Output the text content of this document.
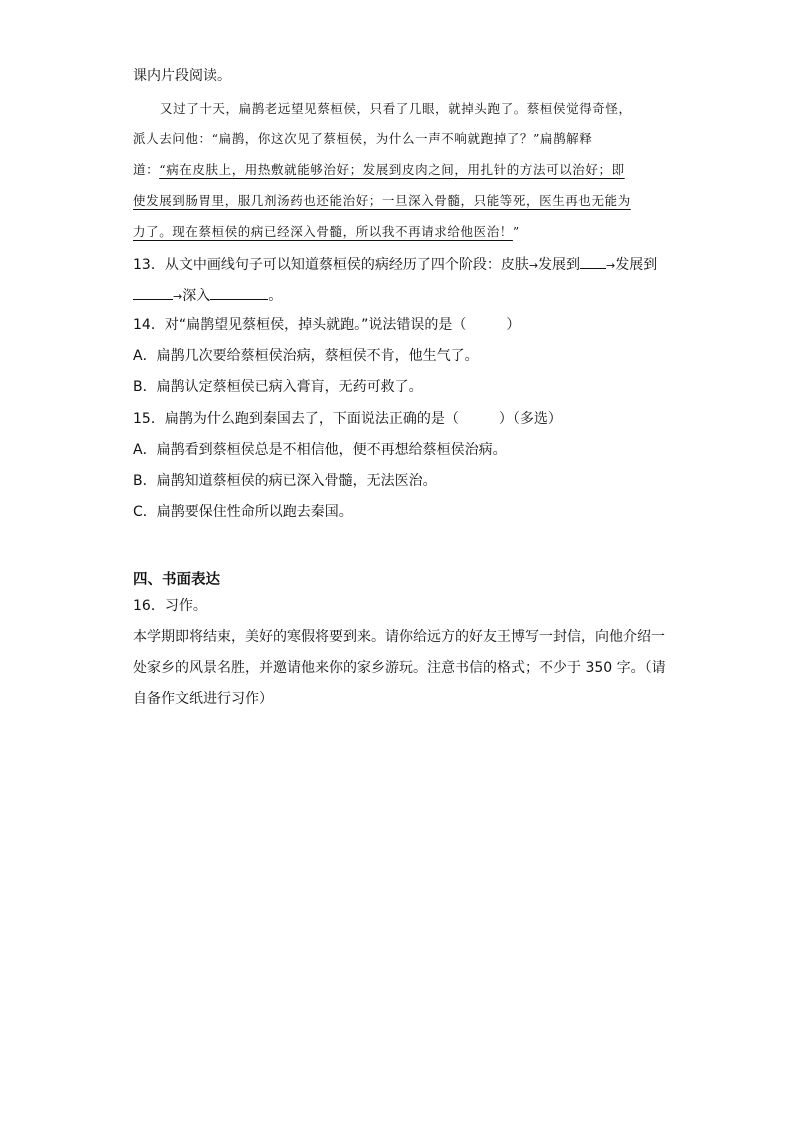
课内片段阅读。
又过了十天，扁鹊老远望见蔡桓侯，只看了几眼，就掉头跑了。蔡桓侯觉得奇怪，
派人去问他：“扁鹊，你这次见了蔡桓侯，为什么一声不响就跑掉了？”扁鹊解释
道：“病在皮肤上，用热敷就能够治好；发展到皮肉之间，用扎针的方法可以治好；即
使发展到肠胃里，服几剂汤药也还能治好；一旦深入骨髓，只能等死，医生再也无能为
力了。现在蔡桓侯的病已经深入骨髓，所以我不再请求给他医治！”
13．从文中画线句子可以知道蔡桓侯的病经历了四个阶段：皮肤→发展到 →发展到
→深入	。
14．对“扁鹊望见蔡桓侯，掉头就跑。”说法错误的是（	）
A．扁鹊几次要给蔡桓侯治病，蔡桓侯不肯，他生气了。
B．扁鹊认定蔡桓侯已病入膏肓，无药可救了。
15．扁鹊为什么跑到秦国去了，下面说法正确的是（	）（多选）
A．扁鹊看到蔡桓侯总是不相信他，便不再想给蔡桓侯治病。
B．扁鹊知道蔡桓侯的病已深入骨髓，无法医治。
C．扁鹊要保住性命所以跑去秦国。
四、书面表达
16．习作。
本学期即将结束，美好的寒假将要到来。请你给远方的好友王博写一封信，向他介绍一
处家乡的风景名胜，并邀请他来你的家乡游玩。注意书信的格式；不少于 350 字。（请
自备作文纸进行习作）
